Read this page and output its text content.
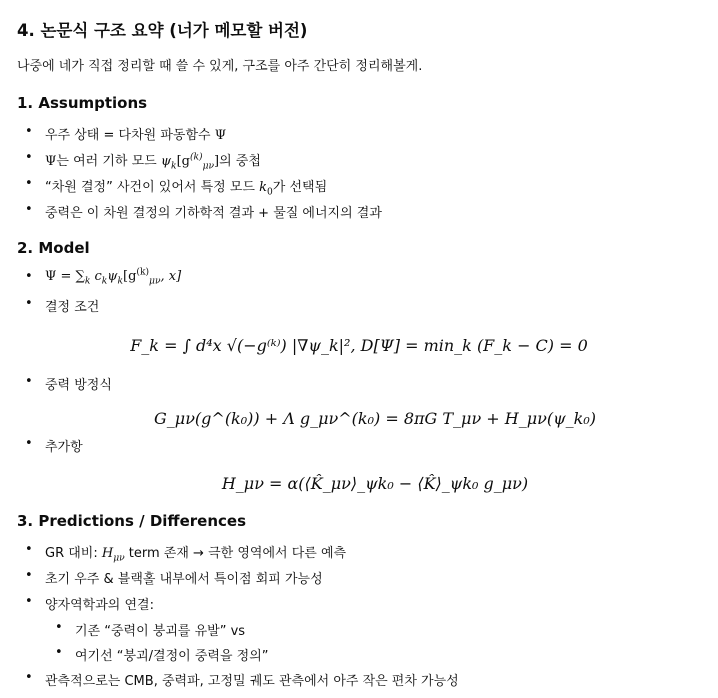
4. 논문식 구조 요약 (너가 메모할 버전)
나중에 네가 직접 정리할 때 쓸 수 있게, 구조를 아주 간단히 정리해볼게.
1. Assumptions
• 우주 상태 = 다차원 파동함수 Ψ
• Ψ는 여러 기하 모드 $\psi_k[g^{(k)}_{\mu\nu}]$의 중첩
• “차원 결정” 사건이 있어서 특정 모드 $k_0$가 선택됨
• 중력은 이 차원 결정의 기하학적 결과 + 물질 에너지의 결과
2. Model
• $\Psi = \sum_k$ $c_k\psi_k[g^{(k)}_{\mu\nu}$, x]
• 결정 조건
F_k = ∫ d⁴x √(−g⁽ᵏ⁾) |∇ψ_k|², D[Ψ] = min_k (F_k − C) = 0
• 중력 방정식
G_μν(g^(k₀)) + Λ g_μν^(k₀) = 8πG T_μν + H_μν(ψ_k₀)
• 추가항
H_μν = α(⟨K̂_μν⟩_ψk₀ − ⟨K̂⟩_ψk₀ g_μν)
3. Predictions / Differences
• GR 대비: $H_{\mu\nu}$ term 존재 → 극한 영역에서 다른 예측
• 초기 우주 & 블랙홀 내부에서 특이점 회피 가능성
• 양자역학과의 연결:
• 기존 “중력이 붕괴를 유발” vs
• 여기선 “붕괴/결정이 중력을 정의”
• 관측적으로는 CMB, 중력파, 고정밀 궤도 관측에서 아주 작은 편차 가능성
